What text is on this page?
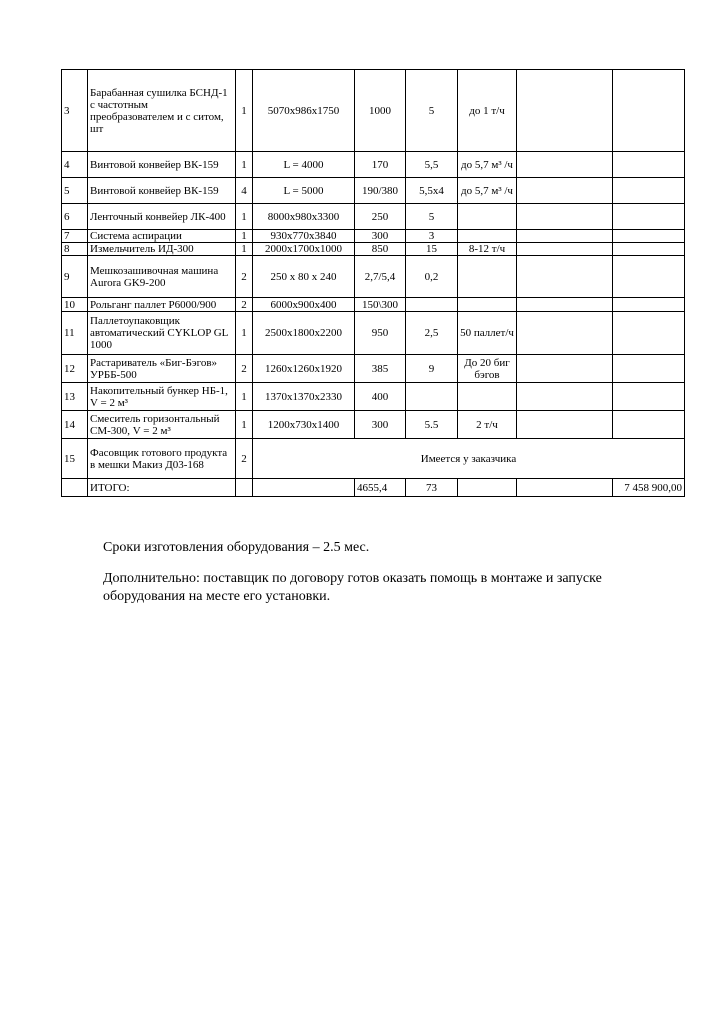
3	Барабанная сушилка БСНД-1 с частотным преобразователем и с ситом, шт	1	5070х986х1750	1000	5	до 1 т/ч		
4	Винтовой конвейер ВК-159	1	L = 4000	170	5,5	до 5,7 м³ /ч		
5	Винтовой конвейер ВК-159	4	L = 5000	190/380	5,5х4	до 5,7 м³ /ч		
6	Ленточный конвейер ЛК-400	1	8000х980х3300	250	5			
7	Система аспирации	1	930х770х3840	300	3			
8	Измельчитель ИД-300	1	2000х1700х1000	850	15	8-12 т/ч		
9	Мешкозашивочная машина Aurora GK9-200	2	250 х 80 х 240	2,7/5,4	0,2			
10	Рольганг паллет Р6000/900	2	6000х900х400	150\300				
11	Паллетоупаковщик автоматический CYKLOP GL 1000	1	2500х1800х2200	950	2,5	50 паллет/ч		
12	Растариватель «Биг-Бэгов» УРББ-500	2	1260х1260х1920	385	9	До 20 биг бэгов		
13	Накопительный бункер НБ-1, V = 2 м³	1	1370х1370х2330	400				
14	Смеситель горизонтальный СМ-300, V = 2 м³	1	1200х730х1400	300	5.5	2 т/ч		
15	Фасовщик готового продукта в мешки Макиз Д03-168	2	Имеется у заказчика					
	ИТОГО:			4655,4	73			7 458 900,00
Сроки изготовления оборудования – 2.5 мес.
Дополнительно: поставщик по договору готов оказать помощь в монтаже и запуске
оборудования на месте его установки.
